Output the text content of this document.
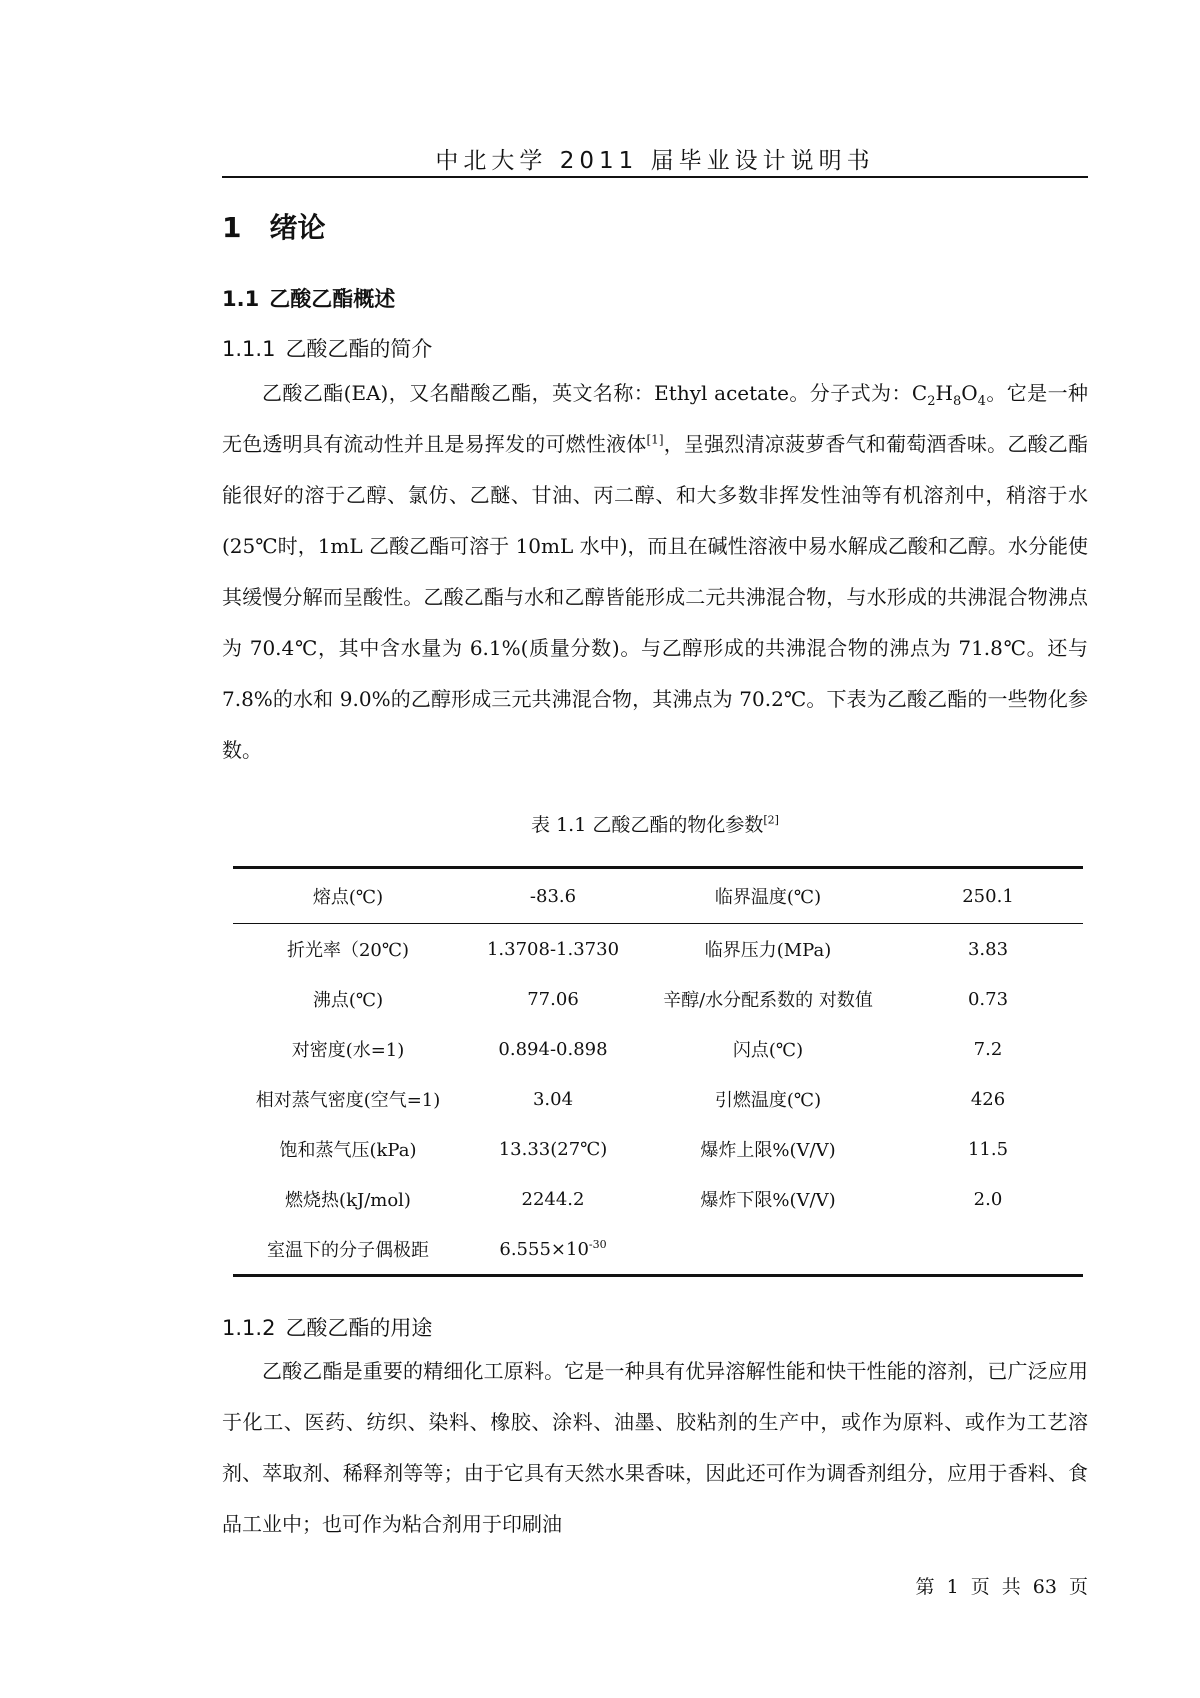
中北大学 2011 届毕业设计说明书
1 绪论
1.1 乙酸乙酯概述
1.1.1 乙酸乙酯的简介
乙酸乙酯(EA)，又名醋酸乙酯，英文名称：Ethyl acetate。分子式为：$C_2H_8O_4$。它是一种无色透明具有流动性并且是易挥发的可燃性液体[1]，呈强烈清凉菠萝香气和葡萄酒香味。乙酸乙酯能很好的溶于乙醇、氯仿、乙醚、甘油、丙二醇、和大多数非挥发性油等有机溶剂中，稍溶于水(25℃时，1mL 乙酸乙酯可溶于 10mL 水中)，而且在碱性溶液中易水解成乙酸和乙醇。水分能使其缓慢分解而呈酸性。乙酸乙酯与水和乙醇皆能形成二元共沸混合物，与水形成的共沸混合物沸点为 70.4℃，其中含水量为 6.1%(质量分数)。与乙醇形成的共沸混合物的沸点为 71.8℃。还与 7.8%的水和 9.0%的乙醇形成三元共沸混合物，其沸点为 70.2℃。下表为乙酸乙酯的一些物化参数。
表 1.1 乙酸乙酯的物化参数[2]
熔点(℃)	-83.6	临界温度(℃)	250.1
折光率（20℃)	1.3708-1.3730	临界压力(MPa)	3.83
沸点(℃)	77.06	辛醇/水分配系数的 对数值	0.73
对密度(水=1)	0.894-0.898	闪点(℃)	7.2
相对蒸气密度(空气=1)	3.04	引燃温度(℃)	426
饱和蒸气压(kPa)	13.33(27℃)	爆炸上限%(V/V)	11.5
燃烧热(kJ/mol)	2244.2	爆炸下限%(V/V)	2.0
室温下的分子偶极距	$6.555\times 10^{-30}$		
1.1.2 乙酸乙酯的用途
乙酸乙酯是重要的精细化工原料。它是一种具有优异溶解性能和快干性能的溶剂，已广泛应用于化工、医药、纺织、染料、橡胶、涂料、油墨、胶粘剂的生产中，或作为原料、或作为工艺溶剂、萃取剂、稀释剂等等；由于它具有天然水果香味，因此还可作为调香剂组分，应用于香料、食品工业中；也可作为粘合剂用于印刷油
第 1 页 共 63 页
